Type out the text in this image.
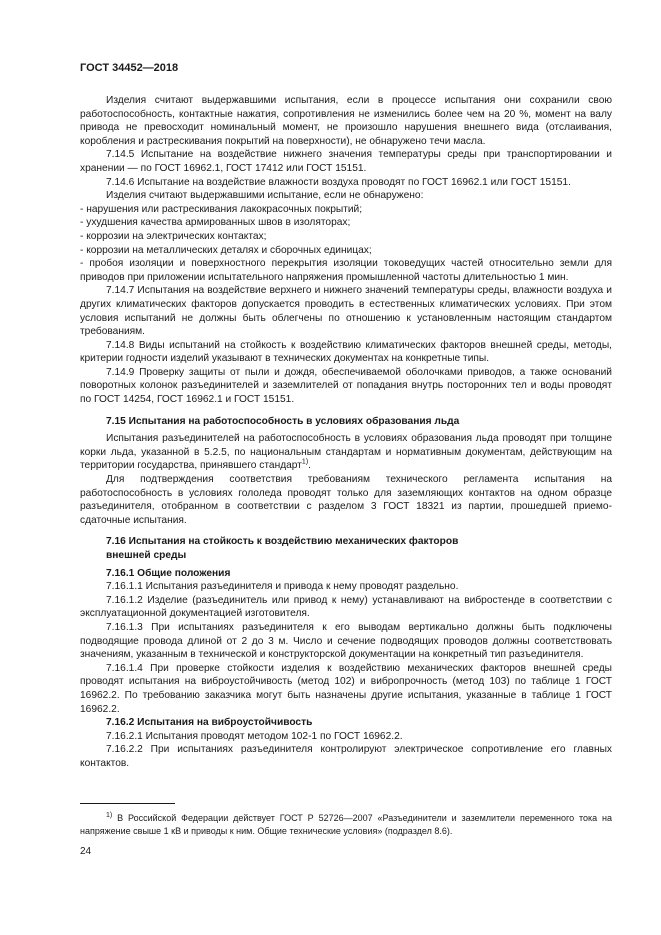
ГОСТ 34452—2018

Изделия считают выдержавшими испытания, если в процессе испытания они сохранили свою работоспособность, контактные нажатия, сопротивления не изменились более чем на 20 %, момент на валу привода не превосходит номинальный момент, не произошло нарушения внешнего вида (отслаивания, коробления и растрескивания покрытий на поверхности), не обнаружено течи масла.

7.14.5 Испытание на воздействие нижнего значения температуры среды при транспортировании и хранении — по ГОСТ 16962.1, ГОСТ 17412 или ГОСТ 15151.

7.14.6 Испытание на воздействие влажности воздуха проводят по ГОСТ 16962.1 или ГОСТ 15151.

Изделия считают выдержавшими испытание, если не обнаружено:

- нарушения или растрескивания лакокрасочных покрытий;

- ухудшения качества армированных швов в изоляторах;

- коррозии на электрических контактах;

- коррозии на металлических деталях и сборочных единицах;

- пробоя изоляции и поверхностного перекрытия изоляции токоведущих частей относительно земли для приводов при приложении испытательного напряжения промышленной частоты длительностью 1 мин.

7.14.7 Испытания на воздействие верхнего и нижнего значений температуры среды, влажности воздуха и других климатических факторов допускается проводить в естественных климатических условиях. При этом условия испытаний не должны быть облегчены по отношению к установленным настоящим стандартом требованиям.

7.14.8 Виды испытаний на стойкость к воздействию климатических факторов внешней среды, методы, критерии годности изделий указывают в технических документах на конкретные типы.

7.14.9 Проверку защиты от пыли и дождя, обеспечиваемой оболочками приводов, а также оснований поворотных колонок разъединителей и заземлителей от попадания внутрь посторонних тел и воды проводят по ГОСТ 14254, ГОСТ 16962.1 и ГОСТ 15151.

7.15 Испытания на работоспособность в условиях образования льда

Испытания разъединителей на работоспособность в условиях образования льда проводят при толщине корки льда, указанной в 5.2.5, по национальным стандартам и нормативным документам, действующим на территории государства, принявшего стандарт$^{1)}$.

Для подтверждения соответствия требованиям технического регламента испытания на работоспособность в условиях гололеда проводят только для заземляющих контактов на одном образце разъединителя, отобранном в соответствии с разделом 3 ГОСТ 18321 из партии, прошедшей приемо-сдаточные испытания.

7.16 Испытания на стойкость к воздействию механических факторов

внешней среды

7.16.1 Общие положения

7.16.1.1 Испытания разъединителя и привода к нему проводят раздельно.

7.16.1.2 Изделие (разъединитель или привод к нему) устанавливают на вибростенде в соответствии с эксплуатационной документацией изготовителя.

7.16.1.3 При испытаниях разъединителя к его выводам вертикально должны быть подключены подводящие провода длиной от 2 до 3 м. Число и сечение подводящих проводов должны соответствовать значениям, указанным в технической и конструкторской документации на конкретный тип разъединителя.

7.16.1.4 При проверке стойкости изделия к воздействию механических факторов внешней среды проводят испытания на виброустойчивость (метод 102) и вибропрочность (метод 103) по таблице 1 ГОСТ 16962.2. По требованию заказчика могут быть назначены другие испытания, указанные в таблице 1 ГОСТ 16962.2.

7.16.2 Испытания на виброустойчивость

7.16.2.1 Испытания проводят методом 102-1 по ГОСТ 16962.2.

7.16.2.2 При испытаниях разъединителя контролируют электрическое сопротивление его главных контактов.

$^{1)}$ В Российской Федерации действует ГОСТ Р 52726—2007 «Разъединители и заземлители переменного тока на напряжение свыше 1 кВ и приводы к ним. Общие технические условия» (подраздел 8.6).
24
